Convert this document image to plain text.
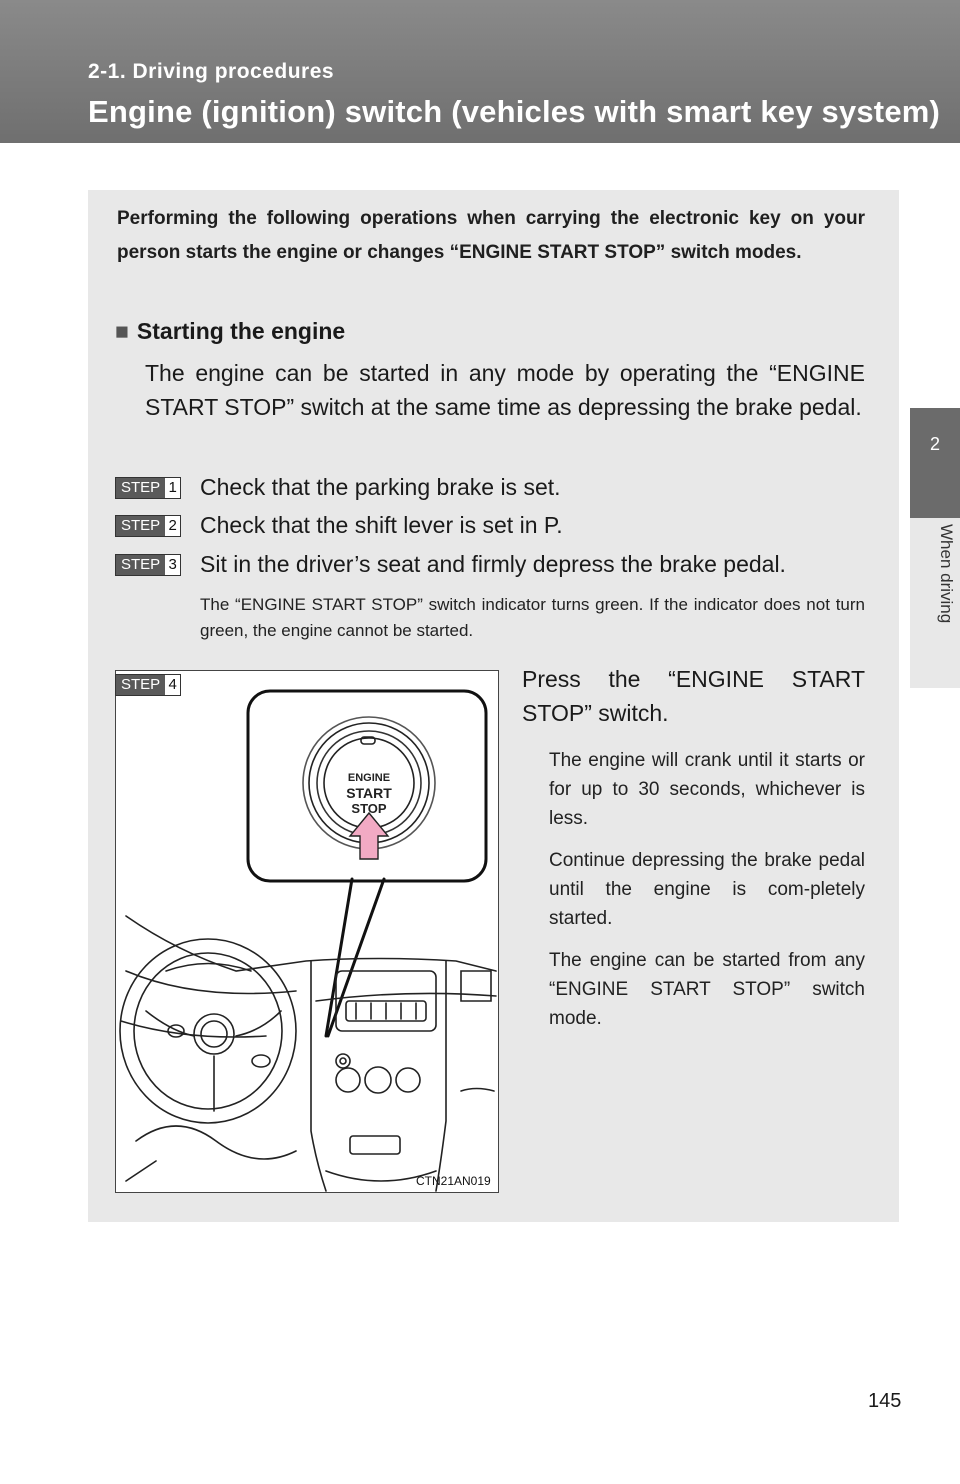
2-1. Driving procedures
Engine (ignition) switch (vehicles with smart key system)
2
When driving
Performing the following operations when carrying the electronic key on your person starts the engine or changes “ENGINE START STOP” switch modes.
■ Starting the engine
The engine can be started in any mode by operating the “ENGINE START STOP” switch at the same time as depressing the brake pedal.
STEP 1 Check that the parking brake is set.
STEP 2 Check that the shift lever is set in P.
STEP 3 Sit in the driver’s seat and firmly depress the brake pedal.
The “ENGINE START STOP” switch indicator turns green. If the indicator does not turn green, the engine cannot be started.
ENGINE
START
STOP
CTN21AN019
STEP 4	Press the “ENGINE START STOP” switch.
The engine will crank until it starts or for up to 30 seconds, whichever is less.
Continue depressing the brake pedal until the engine is com-pletely started.
The engine can be started from any “ENGINE START STOP” switch mode.
145
